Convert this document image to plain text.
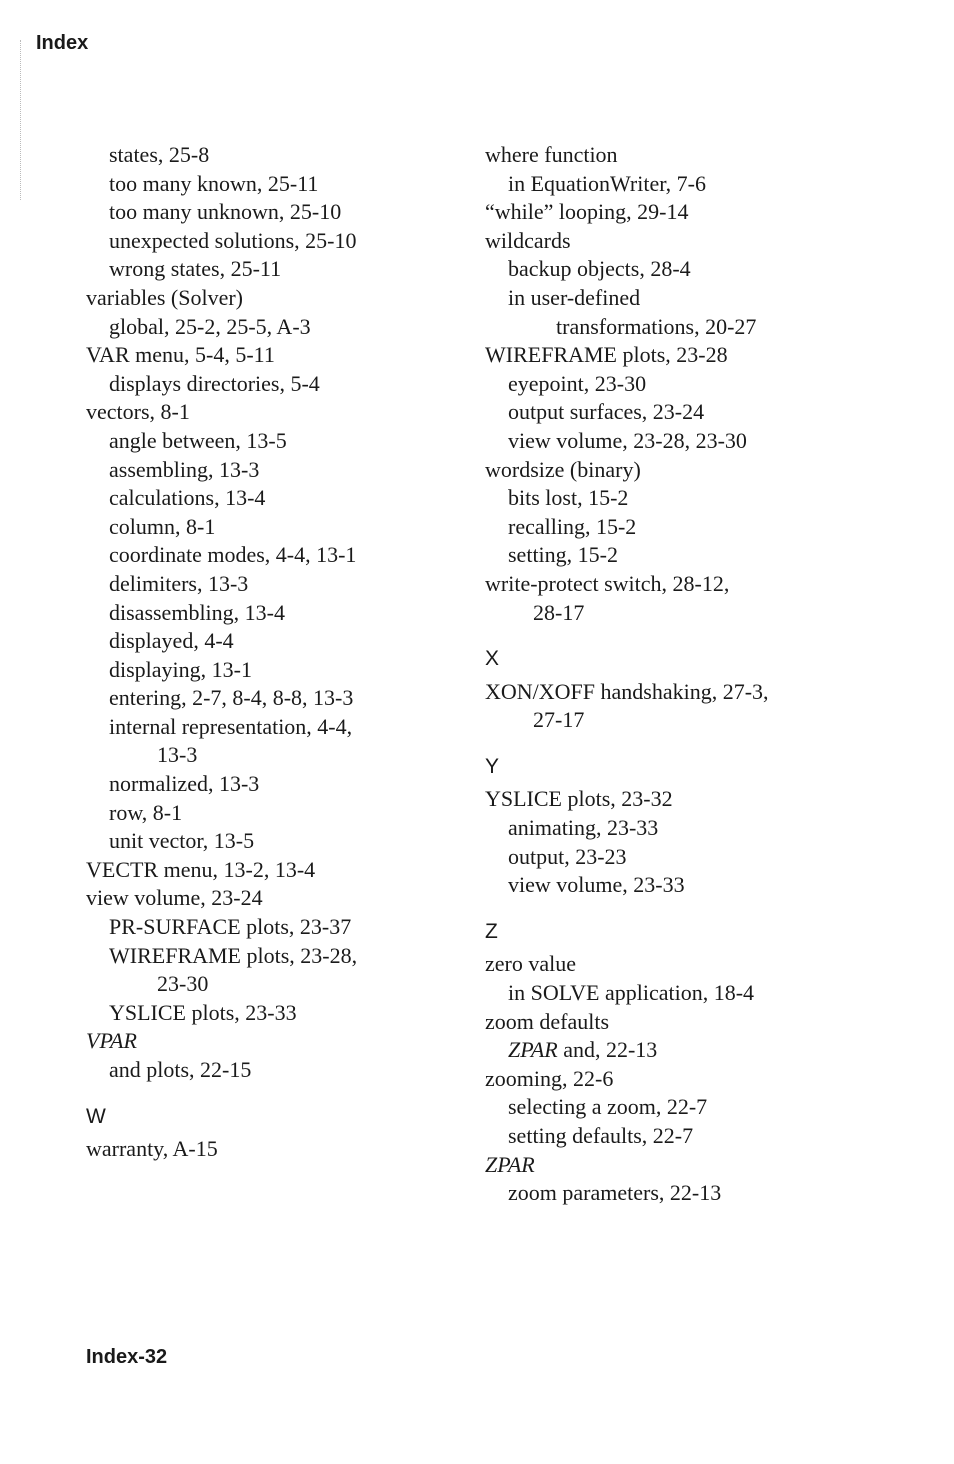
Index
states, 25-8
too many known, 25-11
too many unknown, 25-10
unexpected solutions, 25-10
wrong states, 25-11
variables (Solver)
global, 25-2, 25-5, A-3
VAR menu, 5-4, 5-11
displays directories, 5-4
vectors, 8-1
angle between, 13-5
assembling, 13-3
calculations, 13-4
column, 8-1
coordinate modes, 4-4, 13-1
delimiters, 13-3
disassembling, 13-4
displayed, 4-4
displaying, 13-1
entering, 2-7, 8-4, 8-8, 13-3
internal representation, 4-4,
13-3
normalized, 13-3
row, 8-1
unit vector, 13-5
VECTR menu, 13-2, 13-4
view volume, 23-24
PR-SURFACE plots, 23-37
WIREFRAME plots, 23-28,
23-30
YSLICE plots, 23-33
VPAR
and plots, 22-15
W
warranty, A-15
where function
in EquationWriter, 7-6
“while” looping, 29-14
wildcards
backup objects, 28-4
in user-defined
transformations, 20-27
WIREFRAME plots, 23-28
eyepoint, 23-30
output surfaces, 23-24
view volume, 23-28, 23-30
wordsize (binary)
bits lost, 15-2
recalling, 15-2
setting, 15-2
write-protect switch, 28-12,
28-17
X
XON/XOFF handshaking, 27-3,
27-17
Y
YSLICE plots, 23-32
animating, 23-33
output, 23-23
view volume, 23-33
Z
zero value
in SOLVE application, 18-4
zoom defaults
ZPAR and, 22-13
zooming, 22-6
selecting a zoom, 22-7
setting defaults, 22-7
ZPAR
zoom parameters, 22-13
Index-32
